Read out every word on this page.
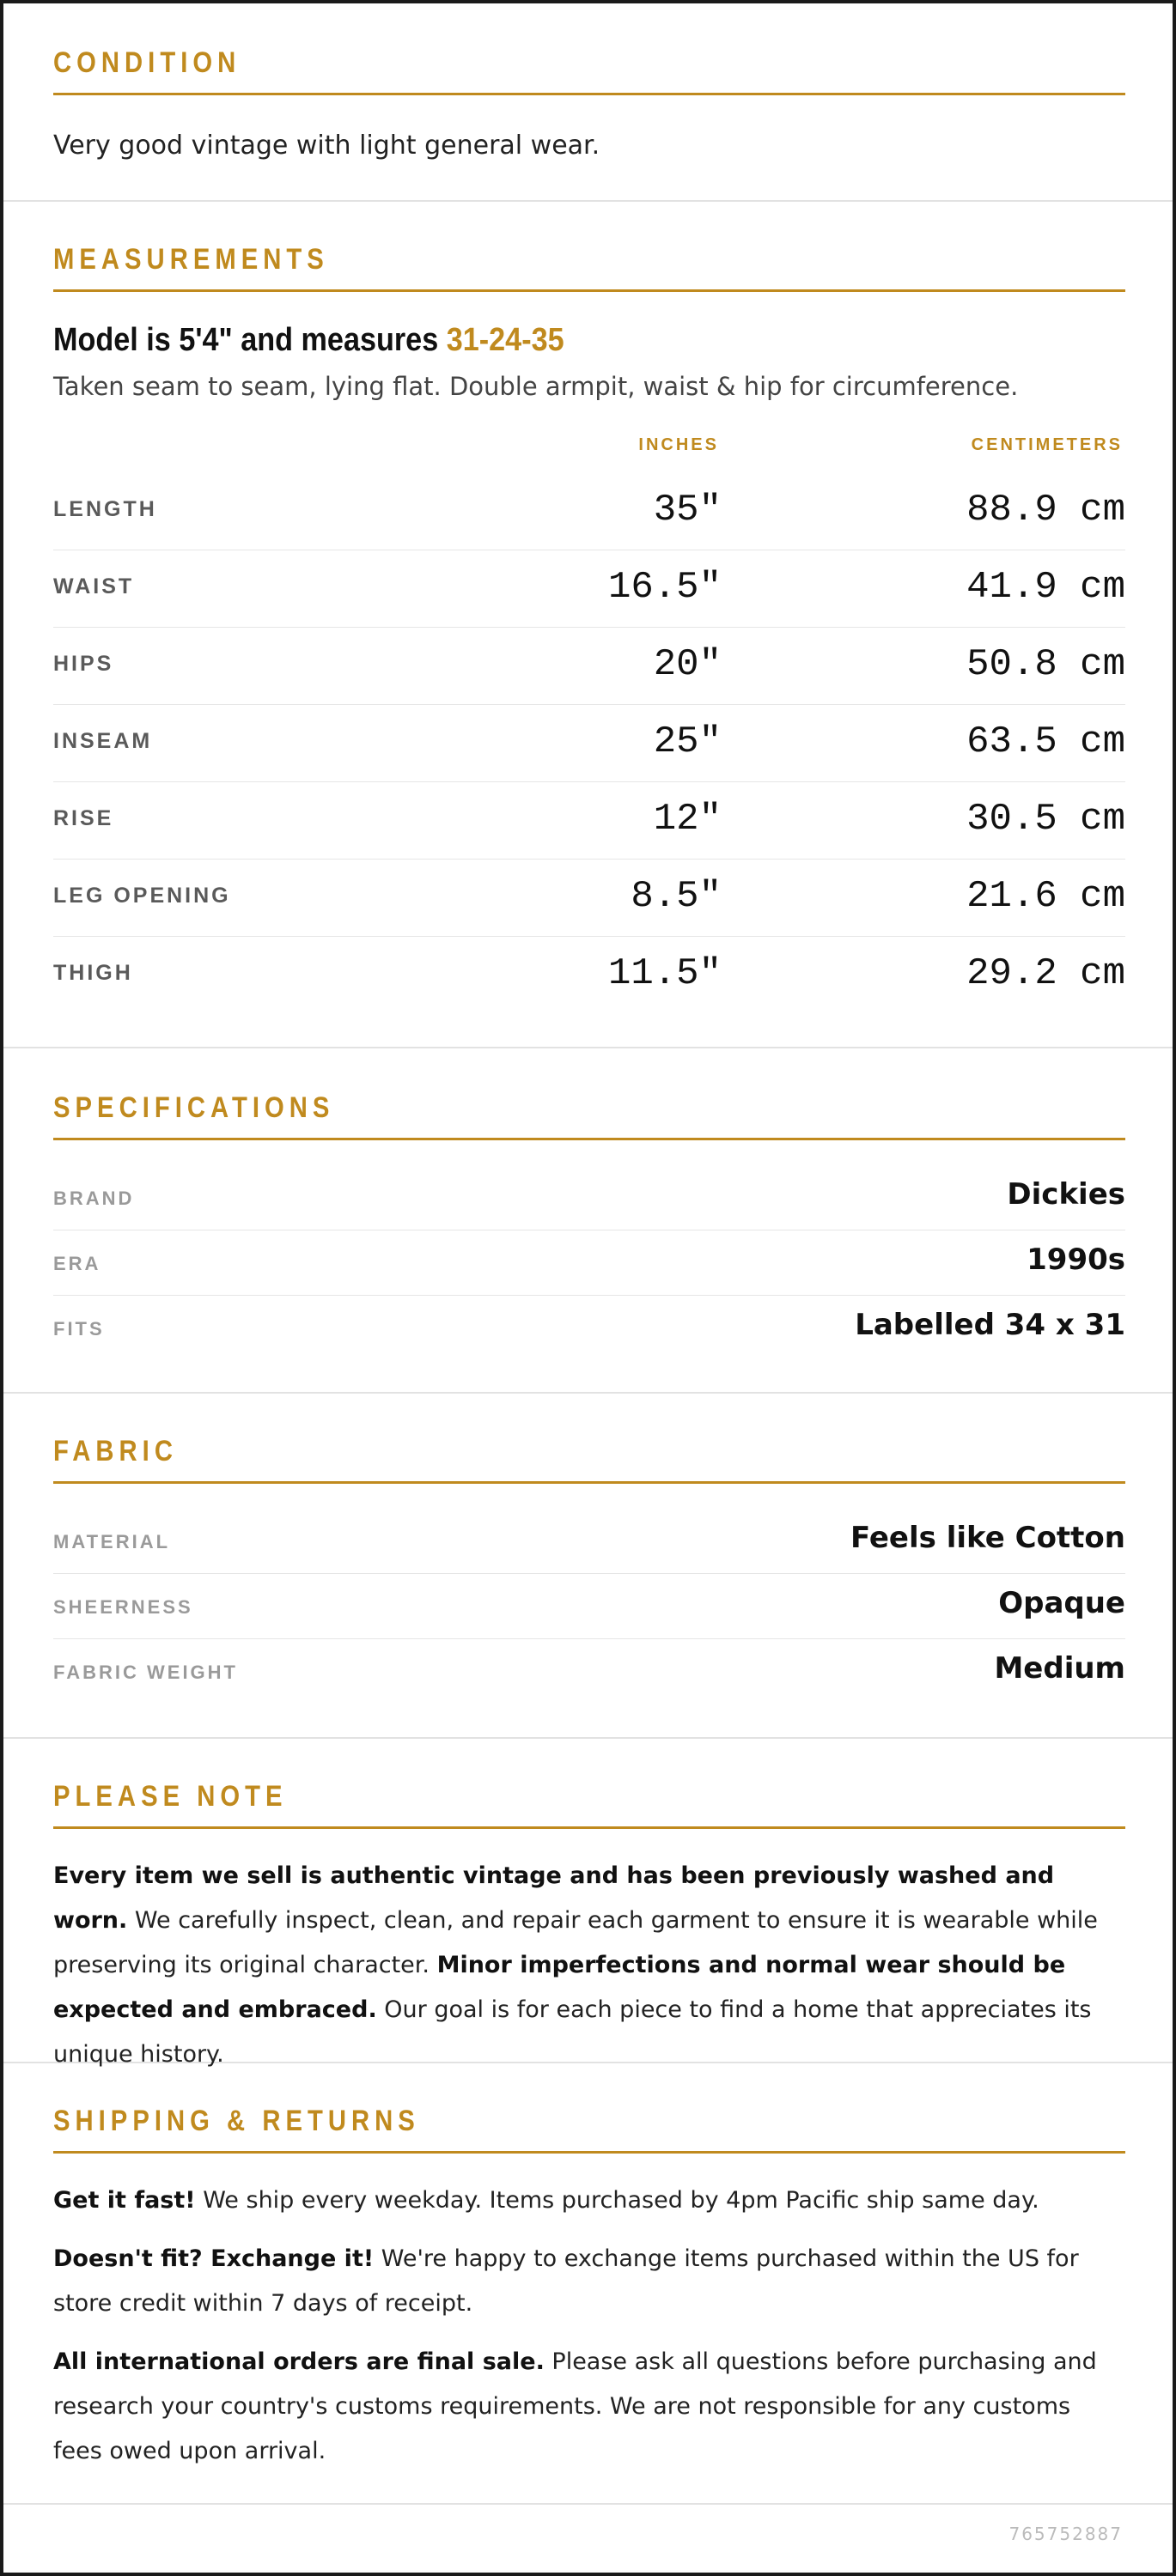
CONDITION
Very good vintage with light general wear.
MEASUREMENTS
Model is 5'4" and measures 31-24-35
Taken seam to seam, lying flat. Double armpit, waist & hip for circumference.
INCHES	CENTIMETERS
LENGTH	35"	88.9 cm
WAIST	16.5"	41.9 cm
HIPS	20"	50.8 cm
INSEAM	25"	63.5 cm
RISE	12"	30.5 cm
LEG OPENING	8.5"	21.6 cm
THIGH	11.5"	29.2 cm
SPECIFICATIONS
BRAND	Dickies
ERA	1990s
FITS	Labelled 34 x 31
FABRIC
MATERIAL	Feels like Cotton
SHEERNESS	Opaque
FABRIC WEIGHT	Medium
PLEASE NOTE
Every item we sell is authentic vintage and has been previously washed and worn. We carefully inspect, clean, and repair each garment to ensure it is wearable while preserving its original character. Minor imperfections and normal wear should be expected and embraced. Our goal is for each piece to find a home that appreciates its unique history.
SHIPPING & RETURNS
Get it fast! We ship every weekday. Items purchased by 4pm Pacific ship same day.
Doesn't fit? Exchange it! We're happy to exchange items purchased within the US for store credit within 7 days of receipt.
All international orders are final sale. Please ask all questions before purchasing and research your country's customs requirements. We are not responsible for any customs fees owed upon arrival.
765752887
